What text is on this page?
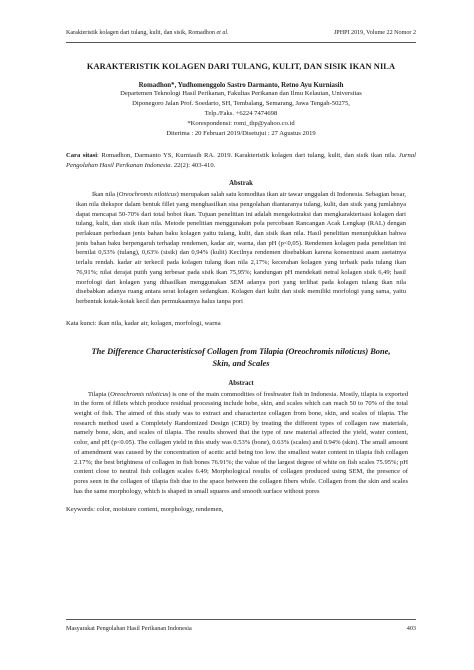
Karakteristik kolagen dari tulang, kulit, dan sisik, Romadhon et al.	JPHPI 2019, Volume 22 Nomor 2

KARAKTERISTIK KOLAGEN DARI TULANG, KULIT, DAN SISIK IKAN NILA

Romadhon*, Yudhomenggolo Sastro Darmanto, Retno Ayu Kurniasih

Departemen Teknologi Hasil Perikanan, Fakultas Perikanan dan Ilmu Kelautan, Universitas

Diponegoro Jalan Prof. Soedarto, SH, Tembalang, Semarang, Jawa Tengah-50275,

Telp./Faks. +6224 7474698

*Korespondensi: romi_thp@yahoo.co.id

Diterima : 20 Februari 2019/Disetujui : 27 Agustus 2019

Cara sitasi: Romadhon, Darmanto YS, Kurniasih RA. 2019. Karakteristik kolagen dari tulang, kulit, dan sisik ikan nila. Jurnal Pengolahan Hasil Perikanan Indonesia. 22(2): 403-410.

Abstrak

Ikan nila (Oreochromis niloticus) merupakan salah satu komoditas ikan air tawar unggulan di Indonesia. Sebagian besar, ikan nila diekspor dalam bentuk fillet yang menghasilkan sisa pengolahan diantaranya tulang, kulit, dan sisik yang jumlahnya dapat mencapai 50-70% dari total bobot ikan. Tujuan penelitian ini adalah mengekstraksi dan mengkarakterisasi kolagen dari tulang, kulit, dan sisik ikan nila. Metode penelitian menggunakan pola percobaan Rancangan Acak Lengkap (RAL) dengan perlakuan perbedaan jenis bahan baku kolagen yaitu tulang, kulit, dan sisik ikan nila. Hasil penelitian menunjukkan bahwa jenis bahan baku berpengaruh terhadap rendemen, kadar air, warna, dan pH (p<0,05). Rendemen kolagen pada penelitian ini bernilai 0,53% (tulang), 0,63% (sisik) dan 0,94% (kulit) Kecilnya rendemen disebabkan karena konsentrasi asam asetatnya terlalu rendah. kadar air terkecil pada kolagen tulang ikan nila 2,17%; kecerahan kolagen yang terbaik pada tulang ikan 76,91%; nilai derajat putih yang terbesar pada sisik ikan 75,95%; kandungan pH mendekati netral kolagen sisik 6,49; hasil morfologi dari kolagen yang dihasilkan menggunakan SEM adanya pori yang terlihat pada kolagen tulang ikan nila disebabkan adanya ruang antara serat kolagen sedangkan. Kolagen dari kulit dan sisik memiliki morfologi yang sama, yaitu berbentuk kotak-kotak kecil dan permukaannya halus tanpa pori

Kata kunci: ikan nila, kadar air, kolagen, morfologi, warna

The Difference Characteristicsof Collagen from Tilapia (Oreochromis niloticus) Bone, Skin, and Scales

Abstract

Tilapia (Oreochromis niloticus) is one of the main commodities of freshwater fish in Indonesia. Mostly, tilapia is exported in the form of fillets which produce residual processing include bobe, skin, and scales which can reach 50 to 70% of the total weight of fish. The aimed of this study was to extract and characterize collagen from bone, skin, and scales of tilapia. The research method used a Completely Randomized Design (CRD) by treating the different types of collagen raw materials, namely bone, skin, and scales of tilapia. The results showed that the type of raw material affected the yield, water content, color, and pH (p<0.05). The collagen yield in this study was 0.53% (bone), 0.63% (scales) and 0.94% (skin). The small amount of amendment was caused by the concentration of acetic acid being too low. the smallest water content in tilapia fish collagen 2.17%; the best brightness of collagen in fish bones 76.91%; the value of the largest degree of white on fish scales 75.95%; pH content close to neutral fish collagen scales 6.49; Morphological results of collagen produced using SEM, the presence of pores seen in the collagen of tilapia fish due to the space between the collagen fibers while. Collagen from the skin and scales has the same morphology, which is shaped in small squares and smooth surface without pores

Keywords: color, moisture content, morphology, rendemen,

Masyarakat Pengolahan Hasil Perikanan Indonesia	403
